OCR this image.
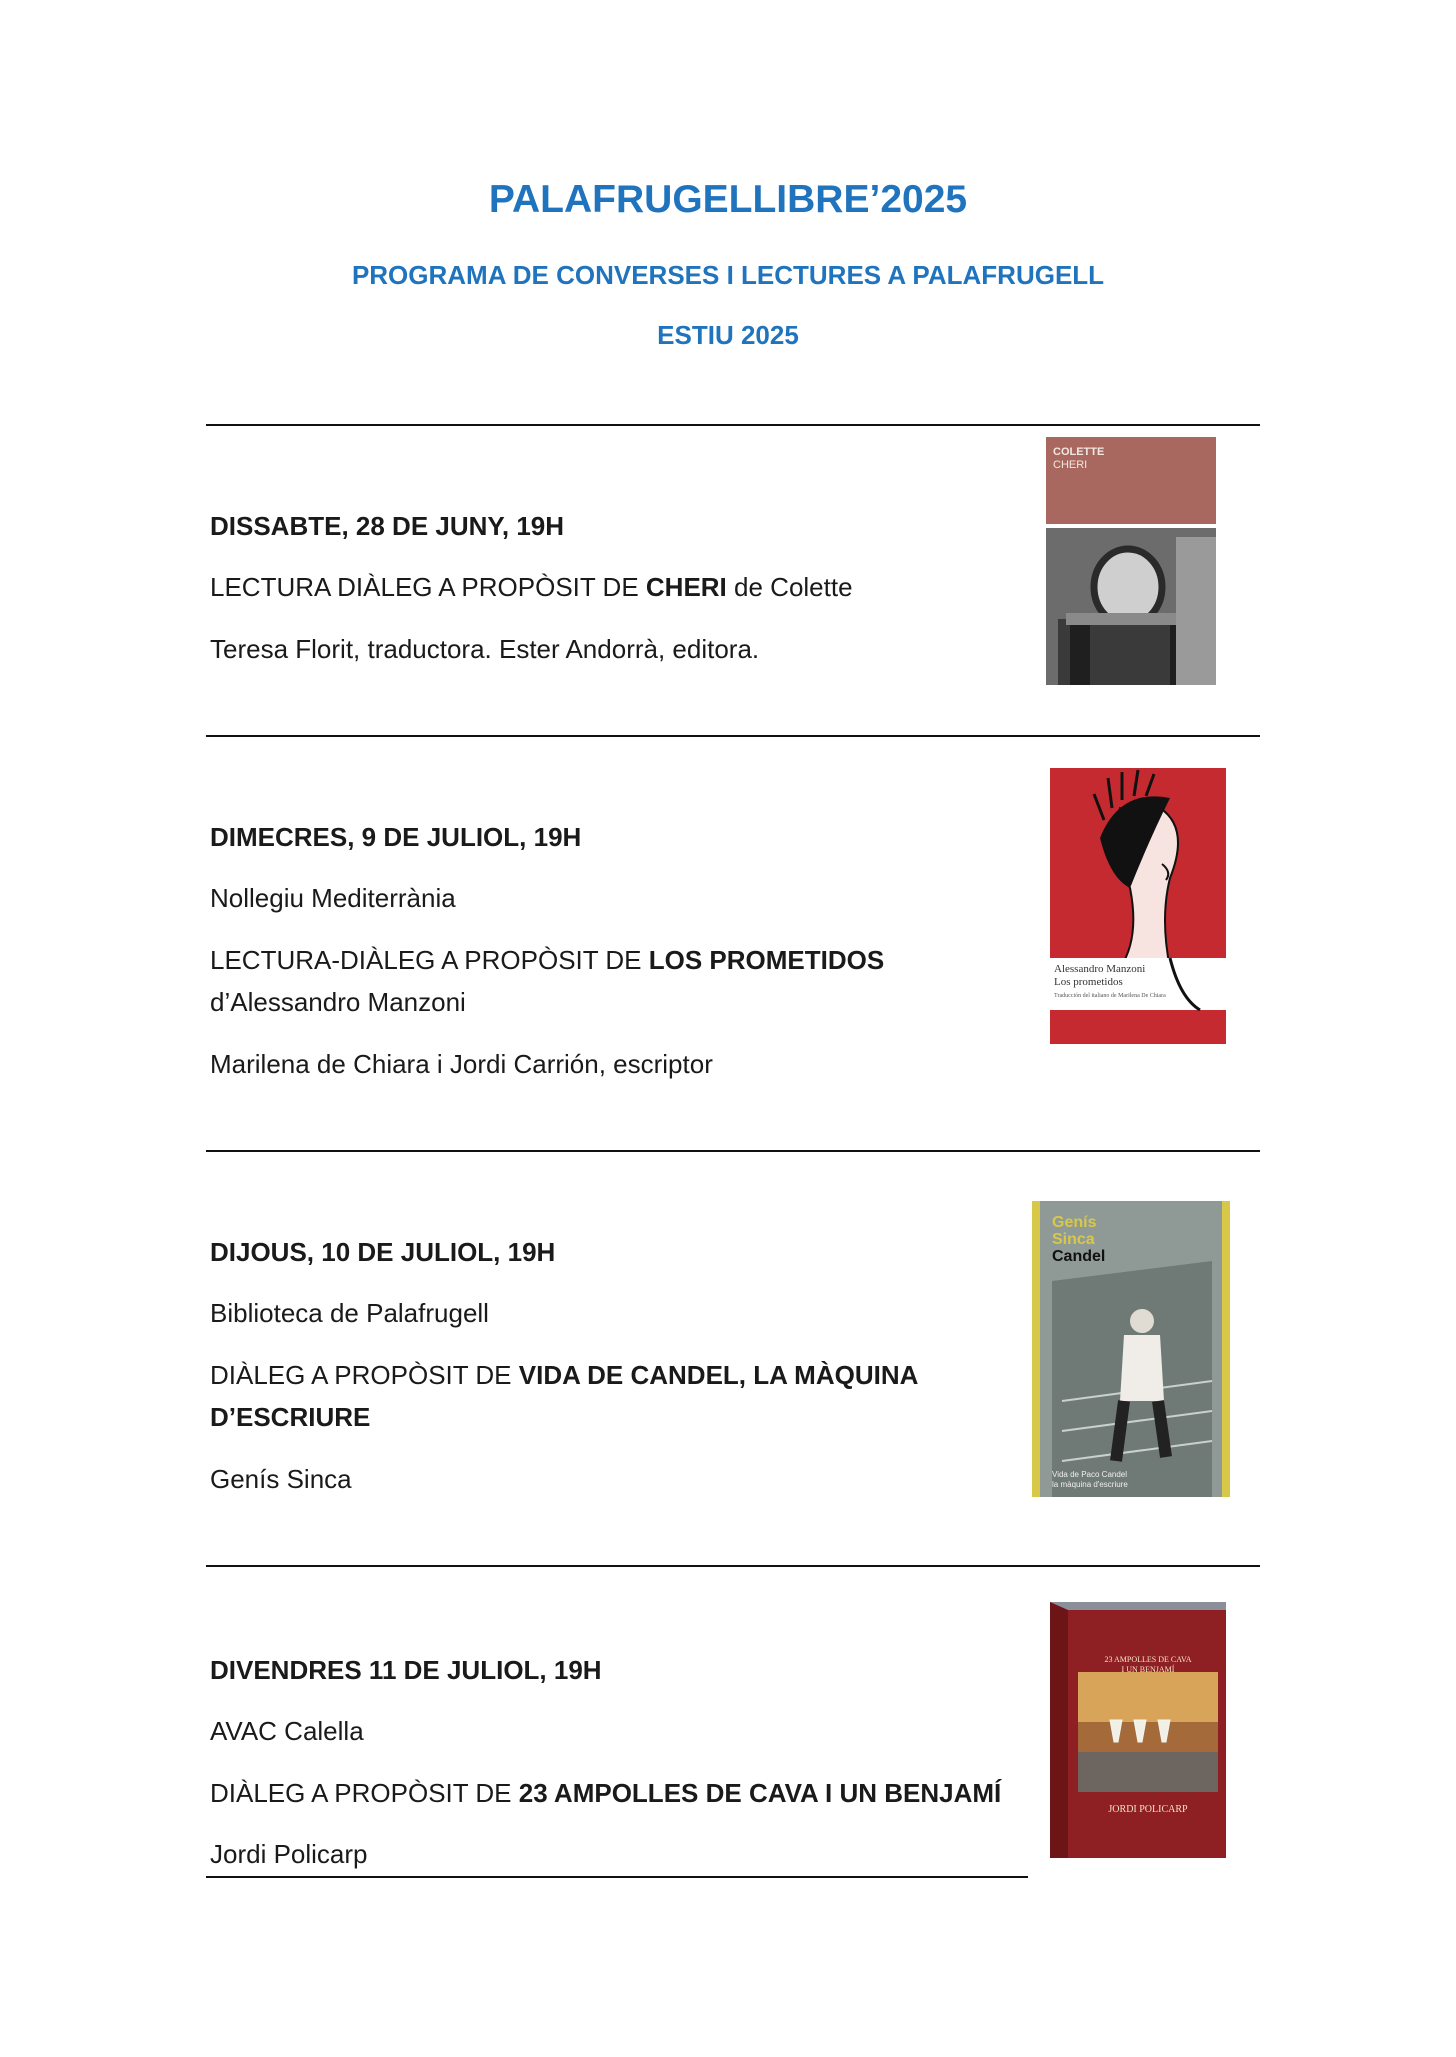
PALAFRUGELLIBRE’2025
PROGRAMA DE CONVERSES I LECTURES A PALAFRUGELL
ESTIU 2025

DISSABTE, 28 DE JUNY, 19H

LECTURA DIÀLEG A PROPÒSIT DE CHERI de Colette

Teresa Florit, traductora. Ester Andorrà, editora.

COLETTE
CHERI

DIMECRES, 9 DE JULIOL, 19H

Nollegiu Mediterrània

LECTURA-DIÀLEG A PROPÒSIT DE LOS PROMETIDOS

d’Alessandro Manzoni

Marilena de Chiara i Jordi Carrión, escriptor

Alessandro Manzoni
Los prometidos
Traducción del italiano de Marilena De Chiara

DIJOUS, 10 DE JULIOL, 19H

Biblioteca de Palafrugell

DIÀLEG A PROPÒSIT DE VIDA DE CANDEL, LA MÀQUINA

D’ESCRIURE

Genís Sinca

Genís
Sinca
Candel
Vida de Paco Candel
la màquina d'escriure

DIVENDRES 11 DE JULIOL, 19H

AVAC Calella

DIÀLEG A PROPÒSIT DE 23 AMPOLLES DE CAVA I UN BENJAMÍ

Jordi Policarp

23 AMPOLLES DE CAVA
I UN BENJAMÍ
JORDI POLICARP
